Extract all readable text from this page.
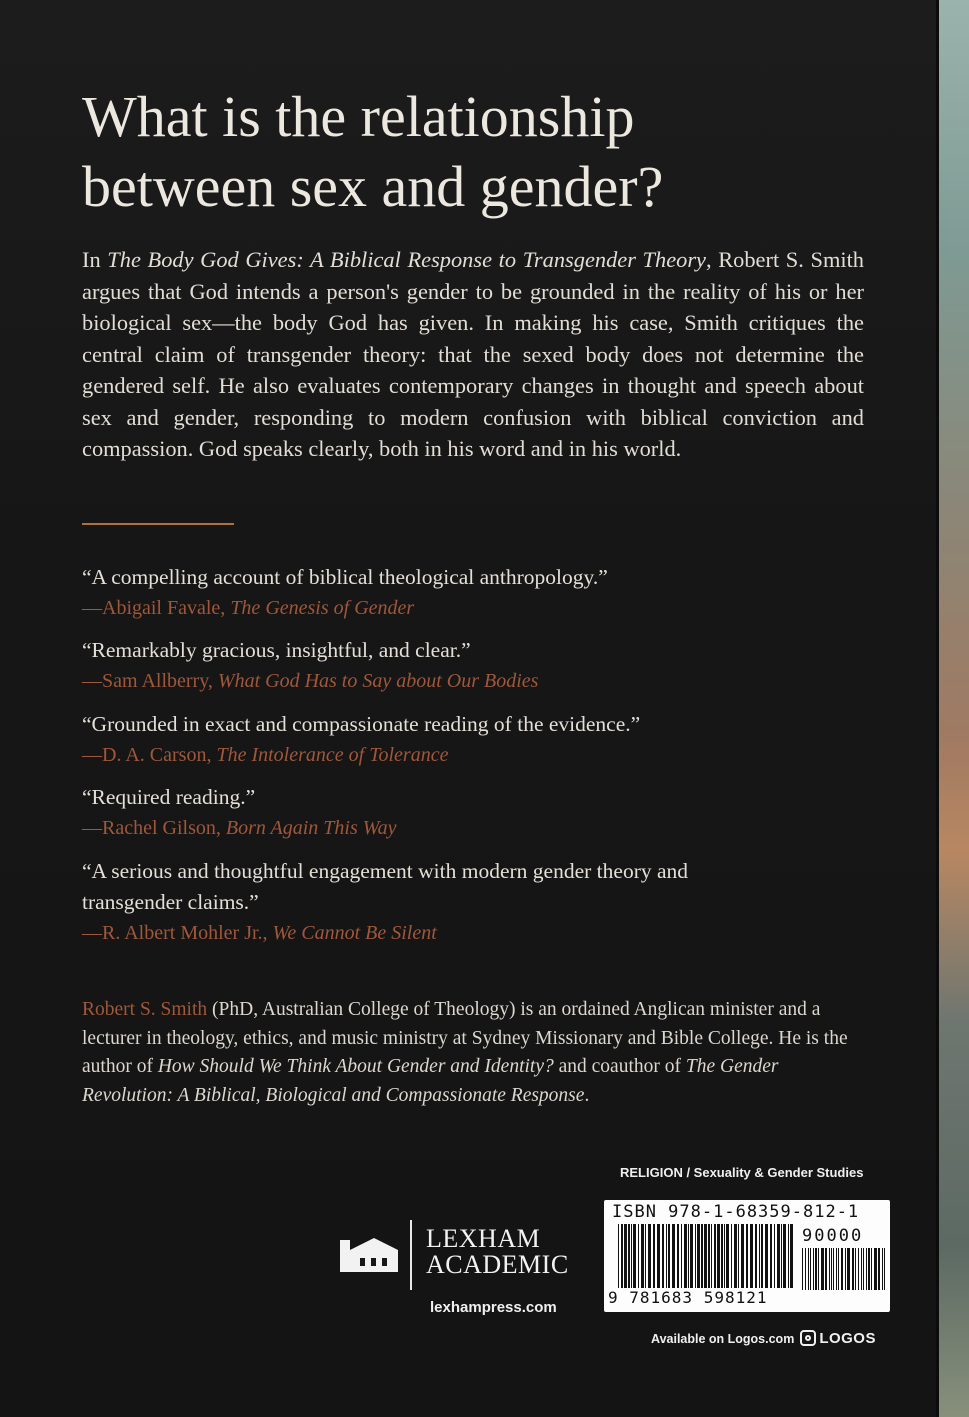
What is the relationship
between sex and gender?

In The Body God Gives: A Biblical Response to Transgender Theory, Robert S. Smith argues that God intends a person's gender to be grounded in the reality of his or her biological sex—the body God has given. In making his case, Smith critiques the central claim of transgender theory: that the sexed body does not determine the gendered self. He also evaluates contemporary changes in thought and speech about sex and gender, responding to modern confusion with biblical conviction and compassion. God speaks clearly, both in his word and in his world.

“A compelling account of biblical theological anthropology.”
—Abigail Favale, The Genesis of Gender
“Remarkably gracious, insightful, and clear.”
—Sam Allberry, What God Has to Say about Our Bodies
“Grounded in exact and compassionate reading of the evidence.”
—D. A. Carson, The Intolerance of Tolerance
“Required reading.”
—Rachel Gilson, Born Again This Way
“A serious and thoughtful engagement with modern gender theory and transgender claims.”
—R. Albert Mohler Jr., We Cannot Be Silent

Robert S. Smith (PhD, Australian College of Theology) is an ordained Anglican minister and a lecturer in theology, ethics, and music ministry at Sydney Missionary and Bible College. He is the author of How Should We Think About Gender and Identity? and coauthor of The Gender Revolution: A Biblical, Biological and Compassionate Response.

RELIGION / Sexuality & Gender Studies
ISBN 978-1-68359-812-1
90000
9 781683 598121
LEXHAM
ACADEMIC
lexhampress.com
Available on Logos.com LOGOS
